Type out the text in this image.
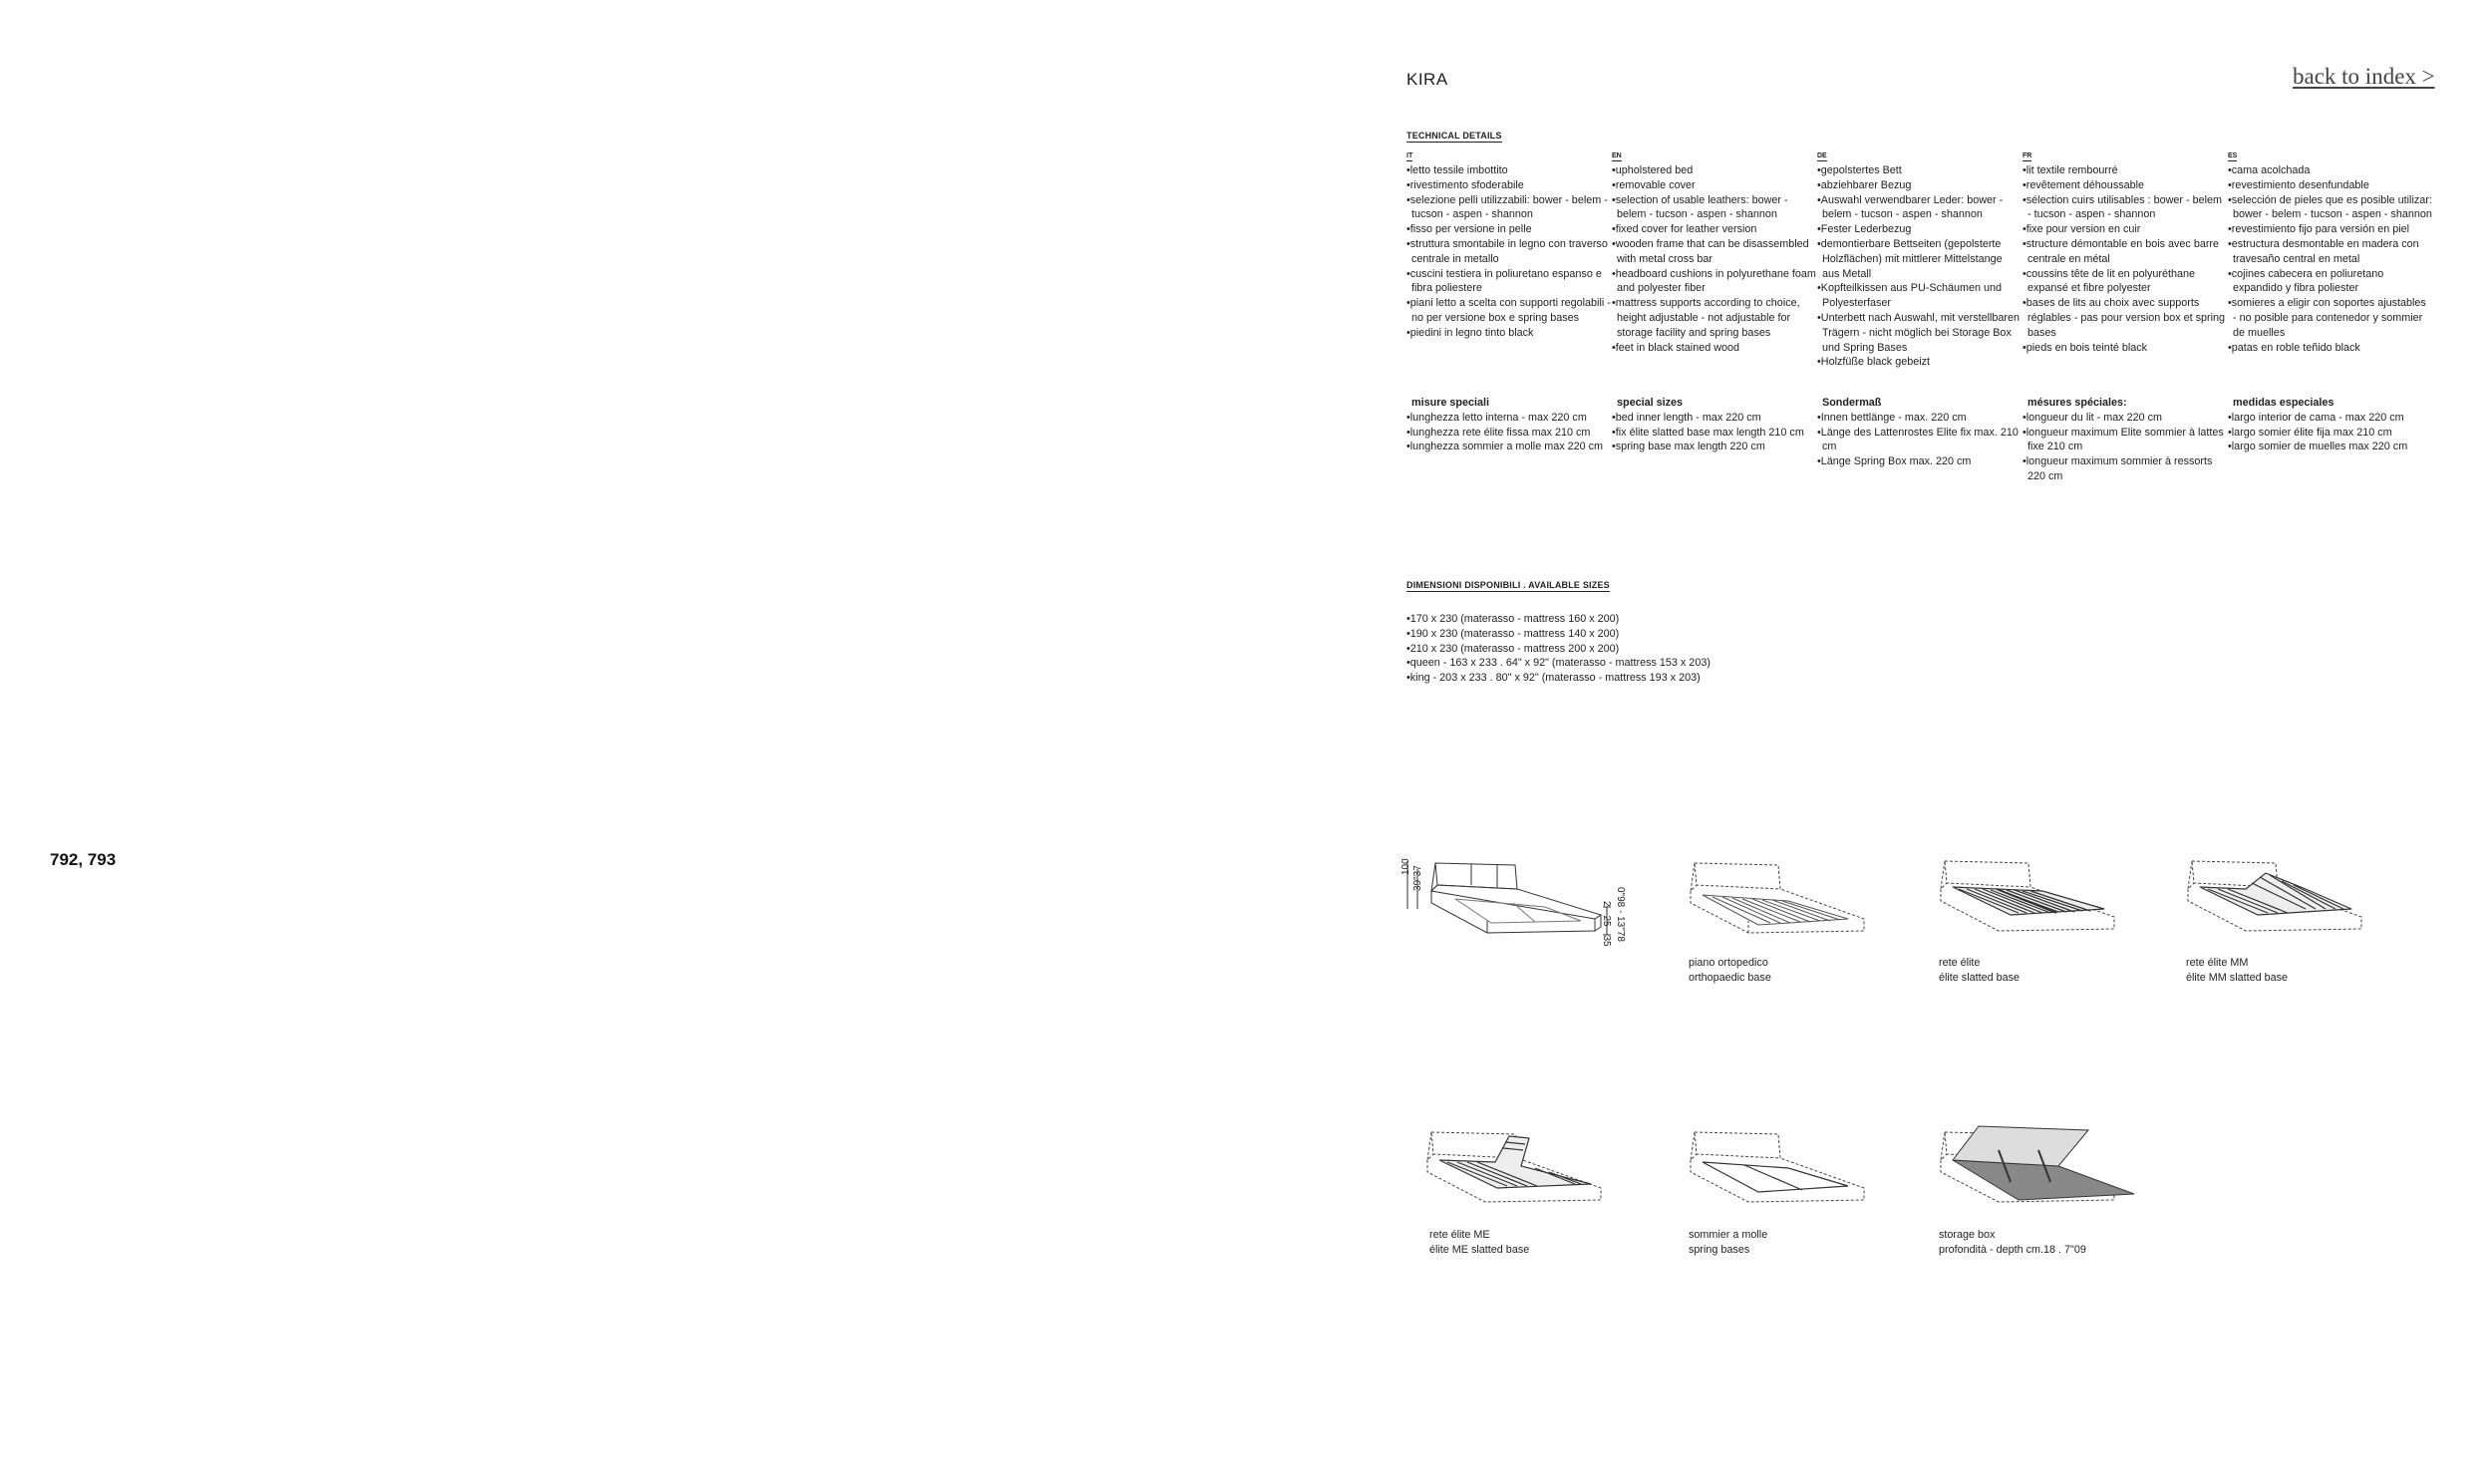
792, 793
KIRA	back to index >
TECHNICAL DETAILS
IT
• letto tessile imbottito
• rivestimento sfoderabile
• selezione pelli utilizzabili: bower - belem - tucson - aspen - shannon
• fisso per versione in pelle
• struttura smontabile in legno con traverso centrale in metallo
• cuscini testiera in poliuretano espanso e fibra poliestere
• piani letto a scelta con supporti regolabili - no per versione box e spring bases
• piedini in legno tinto black
misure speciali
• lunghezza letto interna - max 220 cm
• lunghezza rete élite fissa max 210 cm
• lunghezza sommier a molle max 220 cm
EN
• upholstered bed
• removable cover
• selection of usable leathers: bower - belem - tucson - aspen - shannon
• fixed cover for leather version
• wooden frame that can be disassembled with metal cross bar
• headboard cushions in polyurethane foam and polyester fiber
• mattress supports according to choice, height adjustable - not adjustable for storage facility and spring bases
• feet in black stained wood
special sizes
• bed inner length - max 220 cm
• fix élite slatted base max length 210 cm
• spring base max length 220 cm
DE
• gepolstertes Bett
• abziehbarer Bezug
• Auswahl verwendbarer Leder: bower - belem - tucson - aspen - shannon
• Fester Lederbezug
• demontierbare Bettseiten (gepolsterte Holzflächen) mit mittlerer Mittelstange aus Metall
• Kopfteilkissen aus PU-Schäumen und Polyesterfaser
• Unterbett nach Auswahl, mit verstellbaren Trägern - nicht möglich bei Storage Box und Spring Bases
• Holzfüße black gebeizt
Sondermaß
• Innen bettlänge - max. 220 cm
• Länge des Lattenrostes Elite fix max. 210 cm
• Länge Spring Box max. 220 cm
FR
• lit textile rembourré
• revêtement déhoussable
• sélection cuirs utilisables : bower - belem - tucson - aspen - shannon
• fixe pour version en cuir
• structure démontable en bois avec barre centrale en métal
• coussins tête de lit en polyuréthane expansé et fibre polyester
• bases de lits au choix avec supports réglables - pas pour version box et spring bases
• pieds en bois teinté black
mésures spéciales:
• longueur du lit - max 220 cm
• longueur maximum Elite sommier à lattes fixe 210 cm
• longueur maximum sommier à ressorts 220 cm
ES
• cama acolchada
• revestimiento desenfundable
• selección de pieles que es posible utilizar: bower - belem - tucson - aspen - shannon
• revestimiento fijo para versión en piel
• estructura desmontable en madera con travesaño central en metal
• cojines cabecera en poliuretano expandido y fibra poliester
• somieres a eligir con soportes ajustables - no posible para contenedor y sommier de muelles
• patas en roble teñido black
medidas especiales
• largo interior de cama - max 220 cm
• largo somier élite fija max 210 cm
• largo somier de muelles max 220 cm
DIMENSIONI DISPONIBILI . AVAILABLE SIZES
• 170 x 230 (materasso - mattress 160 x 200)
• 190 x 230 (materasso - mattress 140 x 200)
• 210 x 230 (materasso - mattress 200 x 200)
• queen - 163 x 233 . 64" x 92" (materasso - mattress 153 x 203)
• king - 203 x 233 . 80" x 92" (materasso - mattress 193 x 203)
100 39"37
2 - 25 - 35 0"98 - 13"78
piano ortopedico
orthopaedic base
rete élite
élite slatted base
rete élite MM
élite MM slatted base
rete élite ME
élite ME slatted base
sommier a molle
spring bases
storage box
profondità - depth cm.18 . 7"09
